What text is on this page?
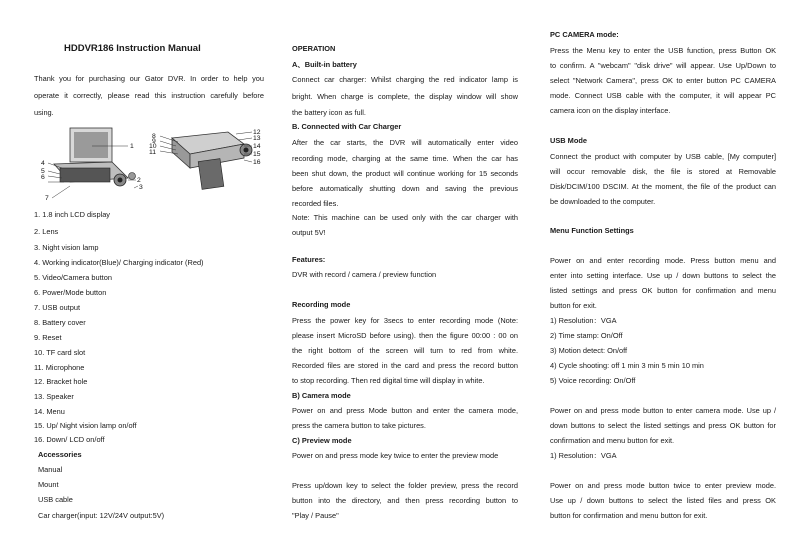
HDDVR186 Instruction Manual
Thank you for purchasing our Gator DVR. In order to help you
operate it correctly, please read this instruction carefully before
using.
1. 1.8 inch LCD display
2. Lens
3. Night vision lamp
4. Working indicator(Blue)/ Charging indicator (Red)
5. Video/Camera button
6. Power/Mode button
7. USB output
8. Battery cover
9. Reset
10. TF card slot
11. Microphone
12. Bracket hole
13. Speaker
14. Menu
15. Up/ Night vision lamp on/off
16. Down/ LCD on/off
Accessories
Manual
Mount
USB cable
Car charger(input: 12V/24V output:5V)
1
4
5
6
7
2
3
8
9
10
11
12
13
14
15
16
OPERATION
A、Built-in battery
Connect car charger: Whilst charging the red indicator lamp is
bright. When charge is complete, the display window will show
the battery icon as full.
B. Connected with Car Charger
After the car starts, the DVR will automatically enter video
recording mode, charging at the same time. When the car has
been shut down, the product will continue working for 15 seconds
before automatically shutting down and saving the previous
recorded files.
Note: This machine can be used only with the car charger with
output 5V!
Features:
DVR with record / camera / preview function
Recording mode
Press the power key for 3secs to enter recording mode (Note:
please insert MicroSD before using). then the figure 00:00 : 00 on
the right bottom of the screen will turn to red from white.
Recorded files are stored in the card and press the record button
to stop recording. Then red digital time will display in white.
B) Camera mode
Power on and press Mode button and enter the camera mode,
press the camera button to take pictures.
C) Preview mode
Power on and press mode key twice to enter the preview mode
Press up/down key to select the folder preview, press the record
button into the directory, and then press recording button to
"Play / Pause"
PC CAMERA mode:
Press the Menu key to enter the USB function, press Button OK
to confirm. A "webcam" "disk drive" will appear. Use Up/Down to
select "Network Camera", press OK to enter button PC CAMERA
mode. Connect USB cable with the computer, it will appear PC
camera icon on the display interface.
USB Mode
Connect the product with computer by USB cable, [My computer]
will occur removable disk, the file is stored at Removable
Disk/DCIM/100 DSCIM. At the moment, the file of the product can
be downloaded to the computer.
Menu Function Settings
Power on and enter recording mode. Press button menu and
enter into setting interface. Use up / down buttons to select the
listed settings and press OK button for confirmation and menu
button for exit.
1) Resolution：VGA
2) Time stamp: On/Off
3) Motion detect: On/off
4) Cycle shooting: off 1 min 3 min 5 min 10 min
5) Voice recording: On/Off
Power on and press mode button to enter camera mode. Use up /
down buttons to select the listed settings and press OK button for
confirmation and menu button for exit.
1) Resolution：VGA
Power on and press mode button twice to enter preview mode.
Use up / down buttons to select the listed files and press OK
button for confirmation and menu button for exit.
